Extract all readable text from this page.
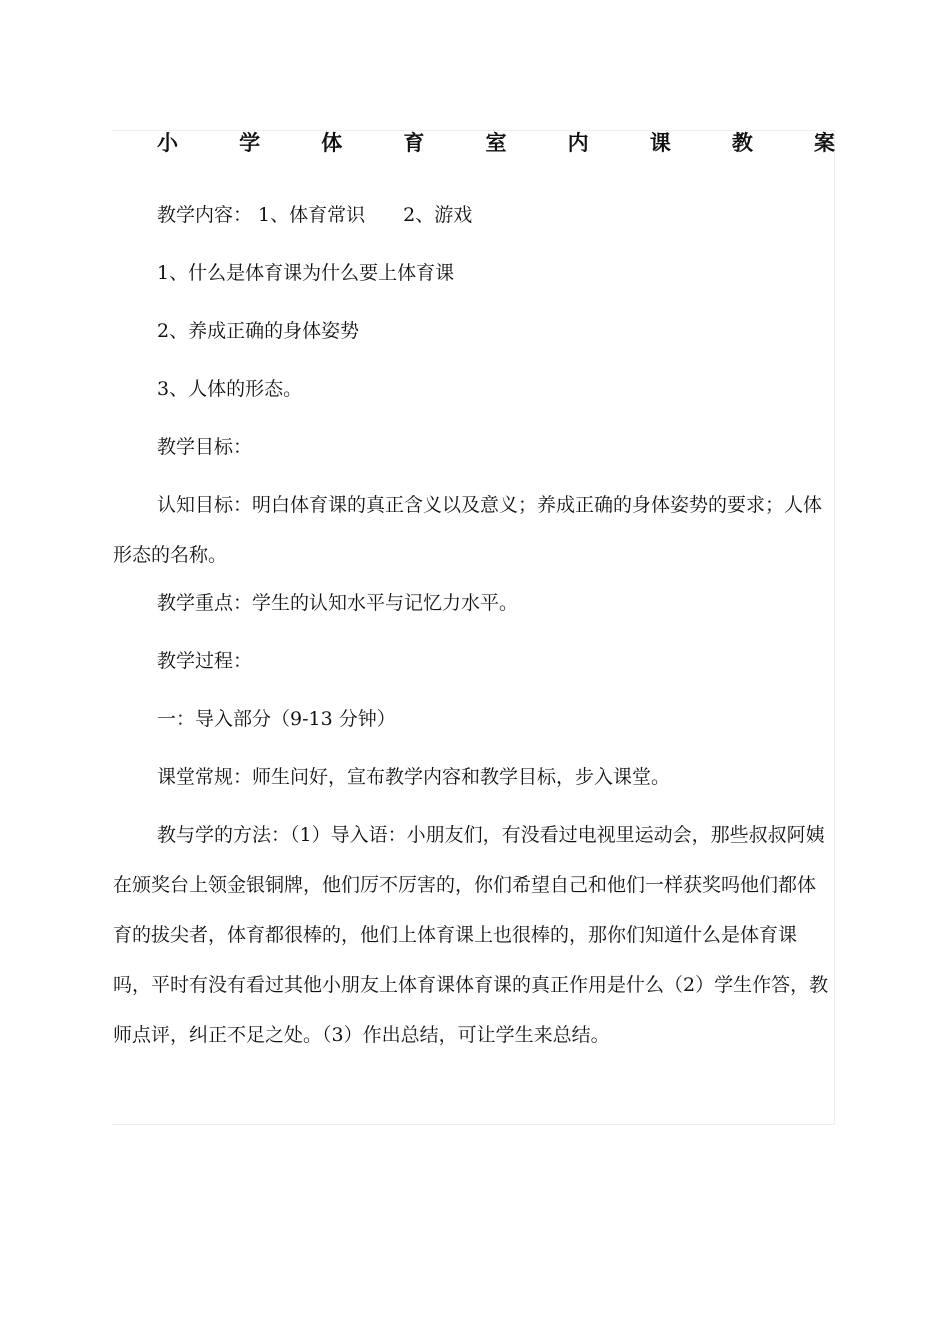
小	学	体	育	室	内	课	教	案

教学内容： 1、体育常识 2、游戏

1、什么是体育课为什么要上体育课

2、养成正确的身体姿势

3、人体的形态。

教学目标：

认知目标：明白体育课的真正含义以及意义；养成正确的身体姿势的要求；人体形态的名称。

教学重点：学生的认知水平与记忆力水平。

教学过程：

一：导入部分（9-13 分钟）

课堂常规：师生问好，宣布教学内容和教学目标，步入课堂。

教与学的方法：（1）导入语：小朋友们，有没看过电视里运动会，那些叔叔阿姨在颁奖台上领金银铜牌，他们厉不厉害的，你们希望自己和他们一样获奖吗他们都体育的拔尖者，体育都很棒的，他们上体育课上也很棒的，那你们知道什么是体育课吗，平时有没有看过其他小朋友上体育课体育课的真正作用是什么（2）学生作答，教师点评，纠正不足之处。（3）作出总结，可让学生来总结。
